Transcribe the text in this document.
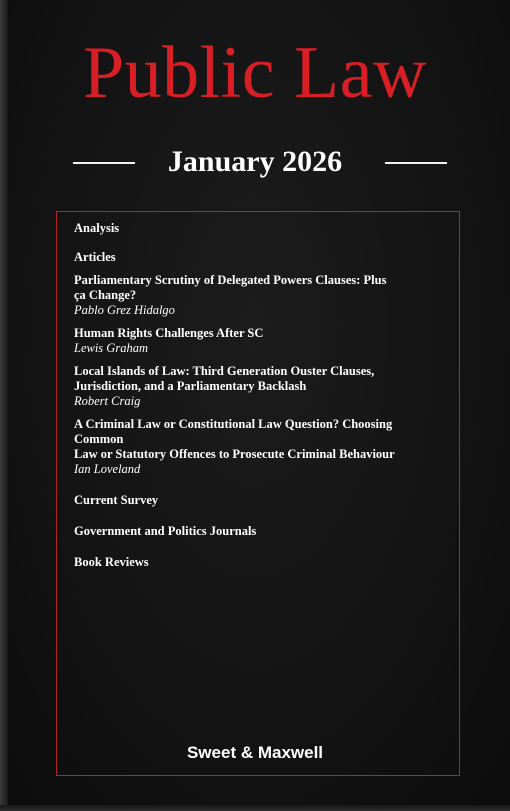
Public Law
January 2026

Analysis

Articles

Parliamentary Scrutiny of Delegated Powers Clauses: Plus

ça Change?

Pablo Grez Hidalgo

Human Rights Challenges After SC

Lewis Graham

Local Islands of Law: Third Generation Ouster Clauses,

Jurisdiction, and a Parliamentary Backlash

Robert Craig

A Criminal Law or Constitutional Law Question? Choosing Common

Law or Statutory Offences to Prosecute Criminal Behaviour

Ian Loveland

Current Survey

Government and Politics Journals

Book Reviews

Sweet & Maxwell
